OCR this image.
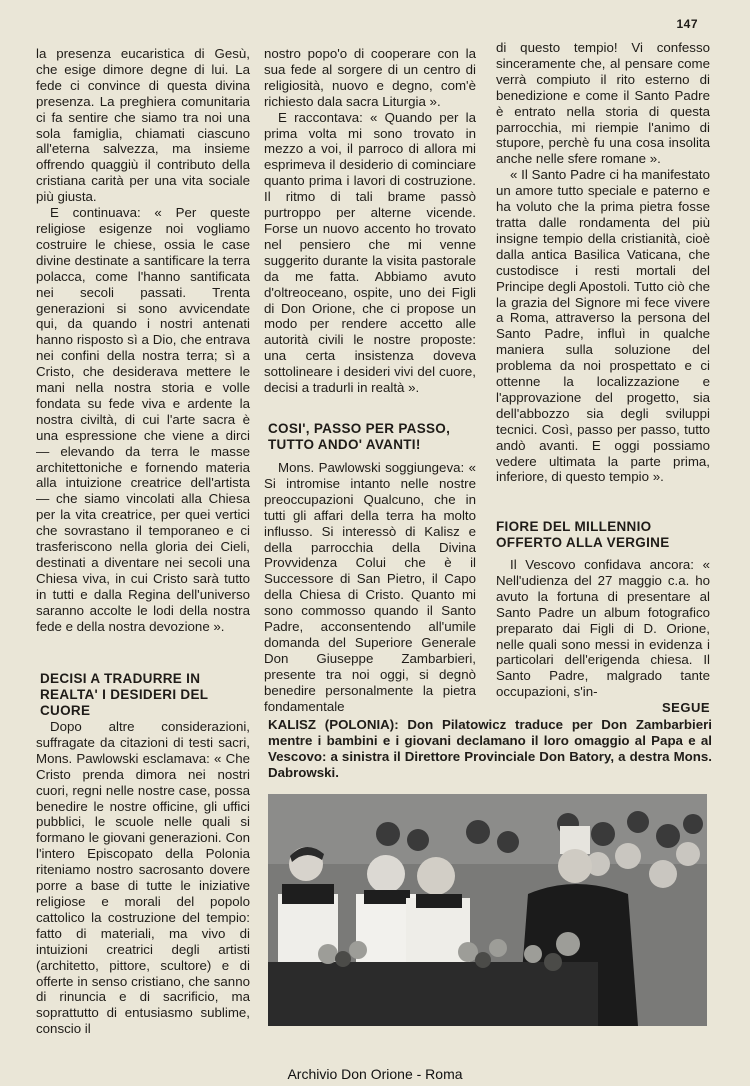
147

la presenza eucaristica di Gesù, che esige dimore degne di lui. La fede ci convince di questa divina presenza. La preghiera comunitaria ci fa sentire che siamo tra noi una sola famiglia, chiamati ciascuno all'eterna salvezza, ma insieme offrendo quaggiù il contributo della cristiana carità per una vita sociale più giusta.

E continuava: « Per queste religiose esigenze noi vogliamo costruire le chiese, ossia le case divine destinate a santificare la terra polacca, come l'hanno santificata nei secoli passati. Trenta generazioni si sono avvicendate qui, da quando i nostri antenati hanno risposto sì a Dio, che entrava nei confini della nostra terra; sì a Cristo, che desiderava mettere le mani nella nostra storia e volle fondata su fede viva e ardente la nostra civiltà, di cui l'arte sacra è una espressione che viene a dirci — elevando da terra le masse architettoniche e fornendo materia alla intuizione creatrice dell'artista — che siamo vincolati alla Chiesa per la vita creatrice, per quei vertici che sovrastano il temporaneo e ci trasferiscono nella gloria dei Cieli, destinati a diventare nei secoli una Chiesa viva, in cui Cristo sarà tutto in tutti e dalla Regina dell'universo saranno accolte le lodi della nostra fede e della nostra devozione ».

DECISI A TRADURRE IN REALTA' I DESIDERI DEL CUORE

Dopo altre considerazioni, suffragate da citazioni di testi sacri, Mons. Pawlowski esclamava: « Che Cristo prenda dimora nei nostri cuori, regni nelle nostre case, possa benedire le nostre officine, gli uffici pubblici, le scuole nelle quali si formano le giovani generazioni. Con l'intero Episcopato della Polonia riteniamo nostro sacrosanto dovere porre a base di tutte le iniziative religiose e morali del popolo cattolico la costruzione del tempio: fatto di materiali, ma vivo di intuizioni creatrici degli artisti (architetto, pittore, scultore) e di offerte in senso cristiano, che sanno di rinuncia e di sacrificio, ma soprattutto di entusiasmo sublime, conscio il

nostro popo'o di cooperare con la sua fede al sorgere di un centro di religiosità, nuovo e degno, com'è richiesto dala sacra Liturgia ».

E raccontava: « Quando per la prima volta mi sono trovato in mezzo a voi, il parroco di allora mi esprimeva il desiderio di cominciare quanto prima i lavori di costruzione. Il ritmo di tali brame passò purtroppo per alterne vicende. Forse un nuovo accento ho trovato nel pensiero che mi venne suggerito durante la visita pastorale da me fatta. Abbiamo avuto d'oltreoceano, ospite, uno dei Figli di Don Orione, che ci propose un modo per rendere accetto alle autorità civili le nostre proposte: una certa insistenza doveva sottolineare i desideri vivi del cuore, decisi a tradurli in realtà ».

COSI', PASSO PER PASSO, TUTTO ANDO' AVANTI!

Mons. Pawlowski soggiungeva: « Si intromise intanto nelle nostre preoccupazioni Qualcuno, che in tutti gli affari della terra ha molto influsso. Si interessò di Kalisz e della parrocchia della Divina Provvidenza Colui che è il Successore di San Pietro, il Capo della Chiesa di Cristo. Quanto mi sono commosso quando il Santo Padre, acconsentendo all'umile domanda del Superiore Generale Don Giuseppe Zambarbieri, presente tra noi oggi, si degnò benedire personalmente la pietra fondamentale

di questo tempio! Vi confesso sinceramente che, al pensare come verrà compiuto il rito esterno di benedizione e come il Santo Padre è entrato nella storia di questa parrocchia, mi riempie l'animo di stupore, perchè fu una cosa insolita anche nelle sfere romane ».

« Il Santo Padre ci ha manifestato un amore tutto speciale e paterno e ha voluto che la prima pietra fosse tratta dalle rondamenta del più insigne tempio della cristianità, cioè dalla antica Basilica Vaticana, che custodisce i resti mortali del Principe degli Apostoli. Tutto ciò che la grazia del Signore mi fece vivere a Roma, attraverso la persona del Santo Padre, influì in qualche maniera sulla soluzione del problema da noi prospettato e ci ottenne la localizzazione e l'approvazione del progetto, sia dell'abbozzo sia degli sviluppi tecnici. Così, passo per passo, tutto andò avanti. E oggi possiamo vedere ultimata la parte prima, inferiore, di questo tempio ».

FIORE DEL MILLENNIO OFFERTO ALLA VERGINE

Il Vescovo confidava ancora: « Nell'udienza del 27 maggio c.a. ho avuto la fortuna di presentare al Santo Padre un album fotografico preparato dai Figli di D. Orione, nelle quali sono messi in evidenza i particolari dell'erigenda chiesa. Il Santo Padre, malgrado tante occupazioni, s'in-

SEGUE
KALISZ (POLONIA): Don Pilatowicz traduce per Don Zambarbieri mentre i bambini e i giovani declamano il loro omaggio al Papa e al Vescovo: a sinistra il Direttore Provinciale Don Batory, a destra Mons. Dabrowski.
Archivio Don Orione - Roma
